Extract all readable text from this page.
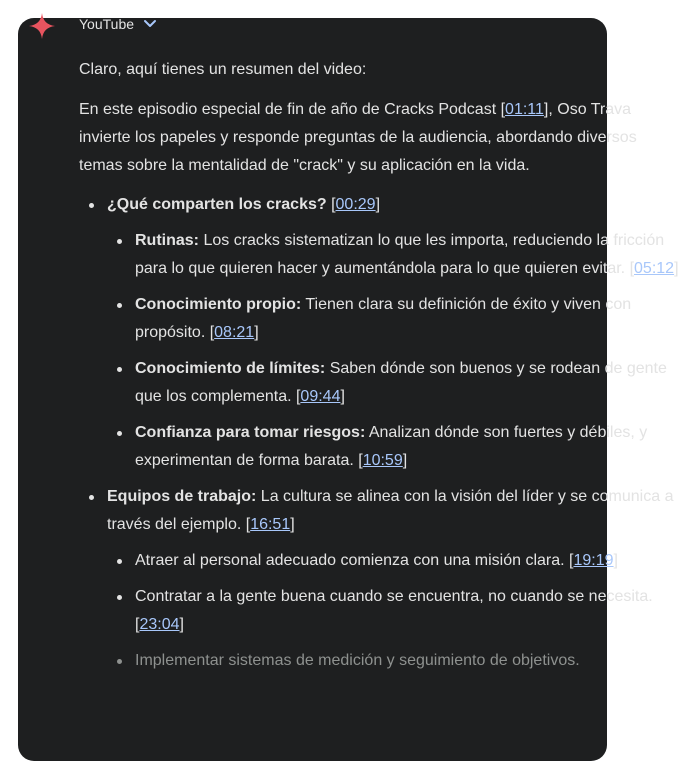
YouTube

Claro, aquí tienes un resumen del video:

En este episodio especial de fin de año de Cracks Podcast [01:11], Oso Trava invierte los papeles y responde preguntas de la audiencia, abordando diversos temas sobre la mentalidad de "crack" y su aplicación en la vida.

¿Qué comparten los cracks? [00:29]
Rutinas: Los cracks sistematizan lo que les importa, reduciendo la fricción para lo que quieren hacer y aumentándola para lo que quieren evitar. [05:12]
Conocimiento propio: Tienen clara su definición de éxito y viven con propósito. [08:21]
Conocimiento de límites: Saben dónde son buenos y se rodean de gente que los complementa. [09:44]
Confianza para tomar riesgos: Analizan dónde son fuertes y débiles, y experimentan de forma barata. [10:59]
Equipos de trabajo: La cultura se alinea con la visión del líder y se comunica a través del ejemplo. [16:51]
Atraer al personal adecuado comienza con una misión clara. [19:19]
Contratar a la gente buena cuando se encuentra, no cuando se necesita. [23:04]
Implementar sistemas de medición y seguimiento de objetivos.
